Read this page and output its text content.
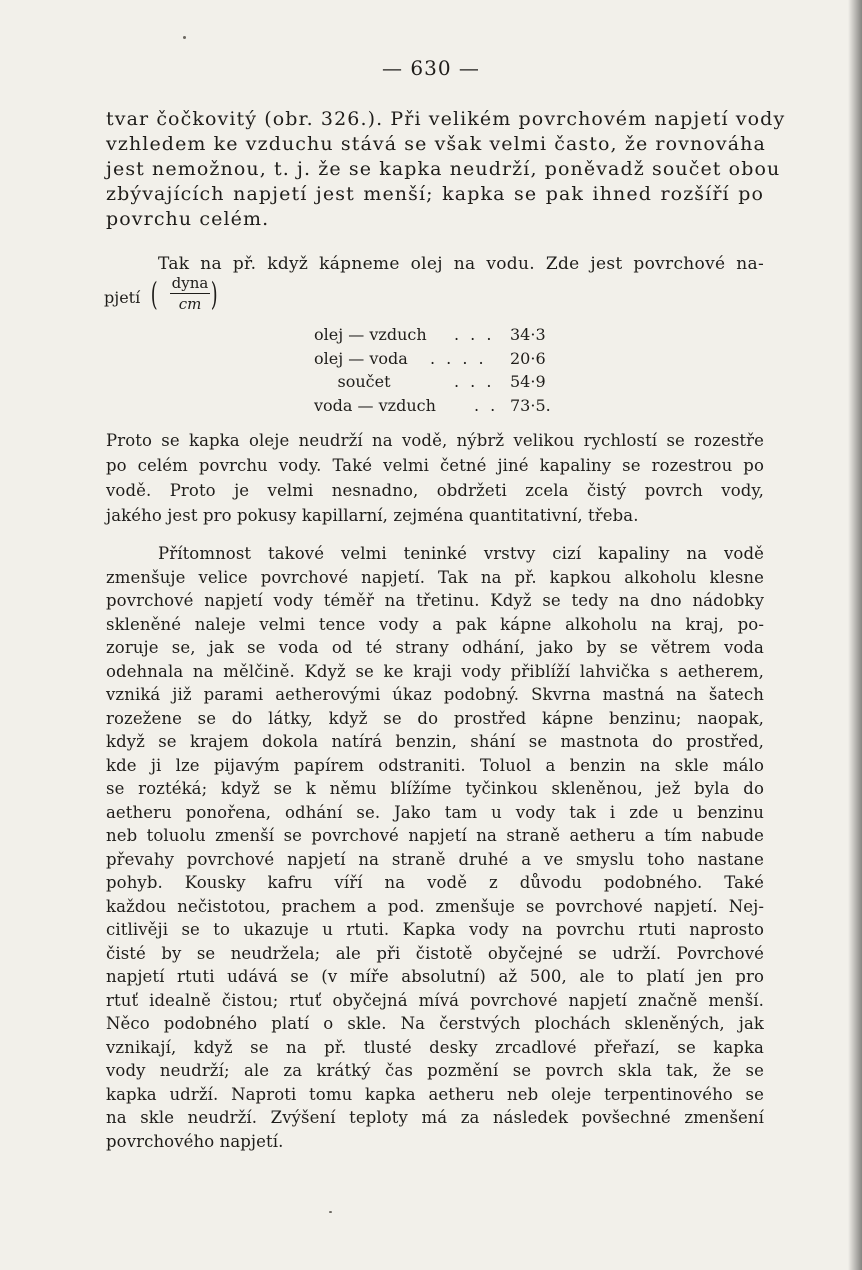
— 630 —
tvar čočkovitý (obr. 326.). Při velikém povrchovém napjetí vody
vzhledem ke vzduchu stává se však velmi často, že rovnováha
jest nemožnou, t. j. že se kapka neudrží, poněvadž součet obou
zbývajících napjetí jest menší; kapka se pak ihned rozšíří po
povrchu celém.
Tak na př. když kápneme olej na vodu. Zde jest povrchové na-
pjetí ( dyna
cm )
olej — vzduch	. . . 34·3
olej — voda	. . . . 20·6
součet	. . . 54·9
voda — vzduch	. . 73·5.
Proto se kapka oleje neudrží na vodě, nýbrž velikou rychlostí se rozestře
po celém povrchu vody. Také velmi četné jiné kapaliny se rozestrou po
vodě. Proto je velmi nesnadno, obdržeti zcela čistý povrch vody,
jakého jest pro pokusy kapillarní, zejména quantitativní, třeba.
Přítomnost takové velmi teninké vrstvy cizí kapaliny na vodě
zmenšuje velice povrchové napjetí. Tak na př. kapkou alkoholu klesne
povrchové napjetí vody téměř na třetinu. Když se tedy na dno nádobky
skleněné naleje velmi tence vody a pak kápne alkoholu na kraj, po-
zoruje se, jak se voda od té strany odhání, jako by se větrem voda
odehnala na mělčině. Když se ke kraji vody přiblíží lahvička s aetherem,
vzniká již parami aetherovými úkaz podobný. Skvrna mastná na šatech
rozežene se do látky, když se do prostřed kápne benzinu; naopak,
když se krajem dokola natírá benzin, shání se mastnota do prostřed,
kde ji lze pijavým papírem odstraniti. Toluol a benzin na skle málo
se roztéká; když se k němu blížíme tyčinkou skleněnou, jež byla do
aetheru ponořena, odhání se. Jako tam u vody tak i zde u benzinu
neb toluolu zmenší se povrchové napjetí na straně aetheru a tím nabude
převahy povrchové napjetí na straně druhé a ve smyslu toho nastane
pohyb. Kousky kafru víří na vodě z důvodu podobného. Také
každou nečistotou, prachem a pod. zmenšuje se povrchové napjetí. Nej-
citlivěji se to ukazuje u rtuti. Kapka vody na povrchu rtuti naprosto
čisté by se neudržela; ale při čistotě obyčejné se udrží. Povrchové
napjetí rtuti udává se (v míře absolutní) až 500, ale to platí jen pro
rtuť idealně čistou; rtuť obyčejná mívá povrchové napjetí značně menší.
Něco podobného platí o skle. Na čerstvých plochách skleněných, jak
vznikají, když se na př. tlusté desky zrcadlové přeřazí, se kapka
vody neudrží; ale za krátký čas pozmění se povrch skla tak, že se
kapka udrží. Naproti tomu kapka aetheru neb oleje terpentinového se
na skle neudrží. Zvýšení teploty má za následek povšechné zmenšení
povrchového napjetí.
